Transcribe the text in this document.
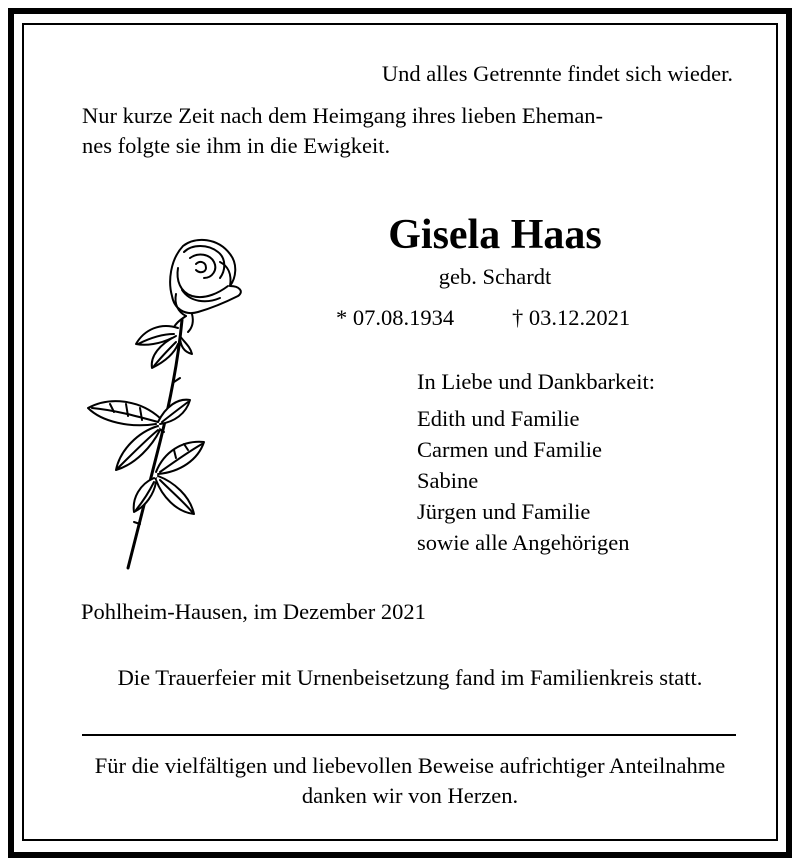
Und alles Getrennte findet sich wieder.
Nur kurze Zeit nach dem Heimgang ihres lieben Eheman-
nes folgte sie ihm in die Ewigkeit.
Gisela Haas
geb. Schardt
* 07.08.1934	† 03.12.2021
In Liebe und Dankbarkeit:
Edith und Familie
Carmen und Familie
Sabine
Jürgen und Familie
sowie alle Angehörigen
Pohlheim-Hausen, im Dezember 2021
Die Trauerfeier mit Urnenbeisetzung fand im Familienkreis statt.
Für die vielfältigen und liebevollen Beweise aufrichtiger Anteilnahme danken wir von Herzen.
